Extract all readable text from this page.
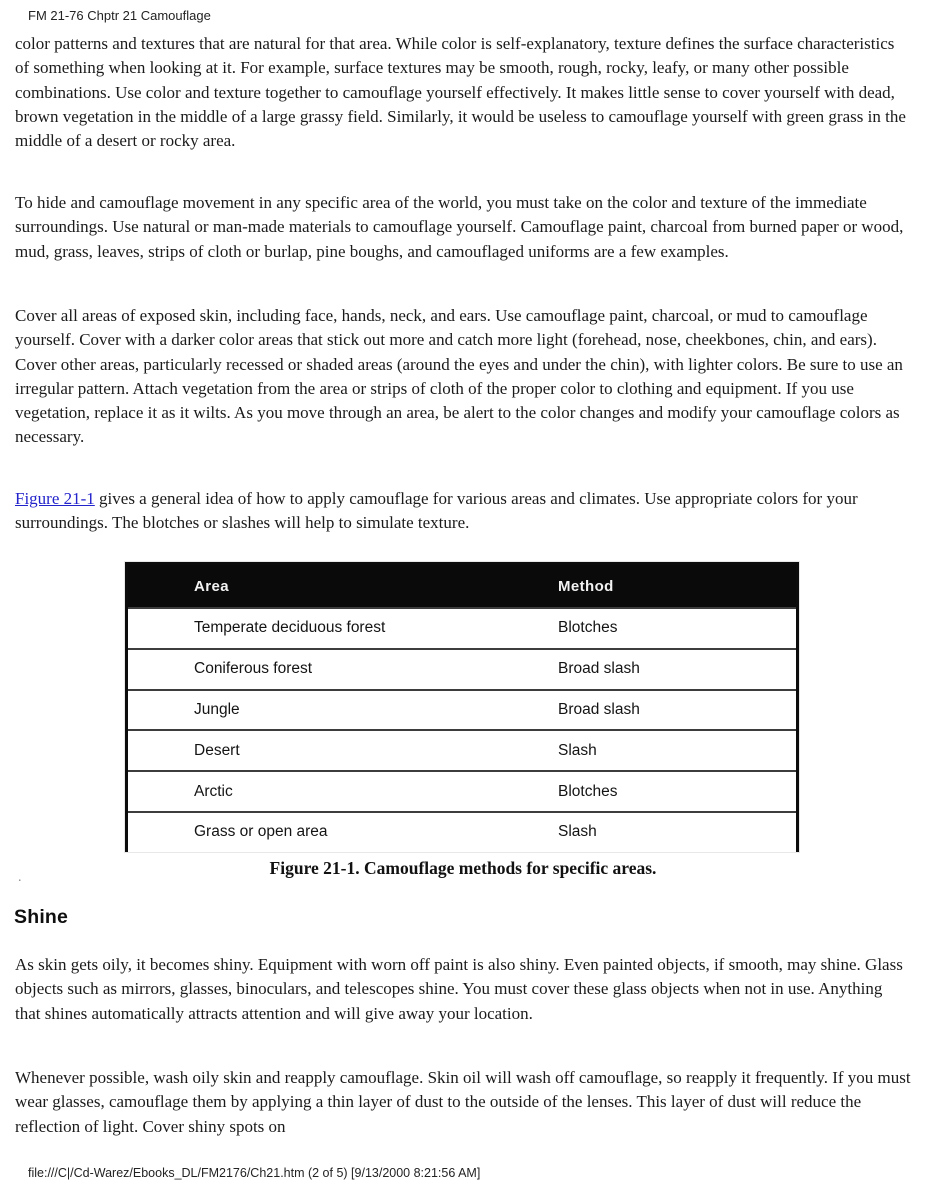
FM 21-76 Chptr 21 Camouflage

color patterns and textures that are natural for that area. While color is self-explanatory, texture defines the surface characteristics of something when looking at it. For example, surface textures may be smooth, rough, rocky, leafy, or many other possible combinations. Use color and texture together to camouflage yourself effectively. It makes little sense to cover yourself with dead, brown vegetation in the middle of a large grassy field. Similarly, it would be useless to camouflage yourself with green grass in the middle of a desert or rocky area.

To hide and camouflage movement in any specific area of the world, you must take on the color and texture of the immediate surroundings. Use natural or man-made materials to camouflage yourself. Camouflage paint, charcoal from burned paper or wood, mud, grass, leaves, strips of cloth or burlap, pine boughs, and camouflaged uniforms are a few examples.

Cover all areas of exposed skin, including face, hands, neck, and ears. Use camouflage paint, charcoal, or mud to camouflage yourself. Cover with a darker color areas that stick out more and catch more light (forehead, nose, cheekbones, chin, and ears). Cover other areas, particularly recessed or shaded areas (around the eyes and under the chin), with lighter colors. Be sure to use an irregular pattern. Attach vegetation from the area or strips of cloth of the proper color to clothing and equipment. If you use vegetation, replace it as it wilts. As you move through an area, be alert to the color changes and modify your camouflage colors as necessary.

Figure 21-1 gives a general idea of how to apply camouflage for various areas and climates. Use appropriate colors for your surroundings. The blotches or slashes will help to simulate texture.

Area	Method
Temperate deciduous forest	Blotches
Coniferous forest	Broad slash
Jungle	Broad slash
Desert	Slash
Arctic	Blotches
Grass or open area	Slash
Figure 21-1. Camouflage methods for specific areas.
.
Shine

As skin gets oily, it becomes shiny. Equipment with worn off paint is also shiny. Even painted objects, if smooth, may shine. Glass objects such as mirrors, glasses, binoculars, and telescopes shine. You must cover these glass objects when not in use. Anything that shines automatically attracts attention and will give away your location.

Whenever possible, wash oily skin and reapply camouflage. Skin oil will wash off camouflage, so reapply it frequently. If you must wear glasses, camouflage them by applying a thin layer of dust to the outside of the lenses. This layer of dust will reduce the reflection of light. Cover shiny spots on

file:///C|/Cd-Warez/Ebooks_DL/FM2176/Ch21.htm (2 of 5) [9/13/2000 8:21:56 AM]
